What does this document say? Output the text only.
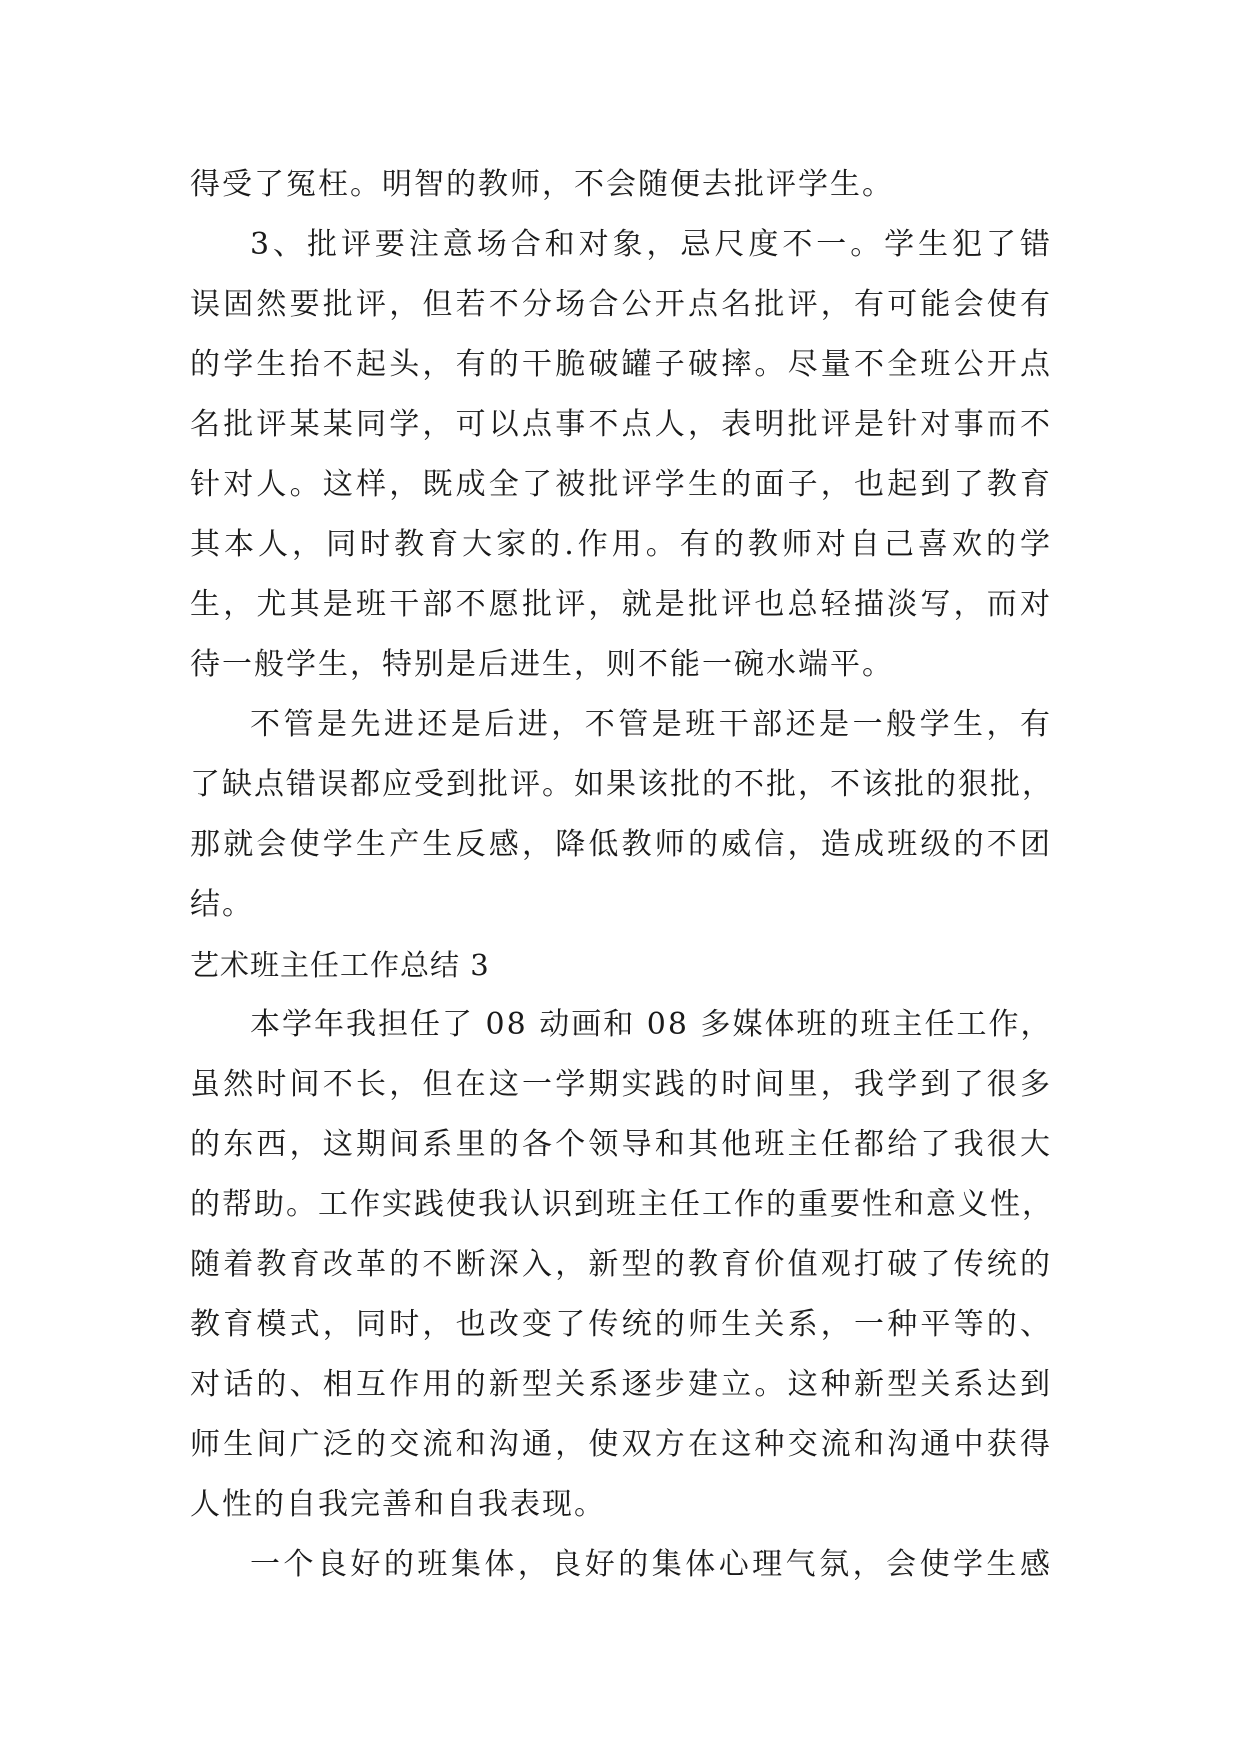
得受了冤枉。明智的教师，不会随便去批评学生。
3、批评要注意场合和对象，忌尺度不一。学生犯了错
误固然要批评，但若不分场合公开点名批评，有可能会使有
的学生抬不起头，有的干脆破罐子破摔。尽量不全班公开点
名批评某某同学，可以点事不点人，表明批评是针对事而不
针对人。这样，既成全了被批评学生的面子，也起到了教育
其本人，同时教育大家的.作用。有的教师对自己喜欢的学
生，尤其是班干部不愿批评，就是批评也总轻描淡写，而对
待一般学生，特别是后进生，则不能一碗水端平。
不管是先进还是后进，不管是班干部还是一般学生，有
了缺点错误都应受到批评。如果该批的不批，不该批的狠批，
那就会使学生产生反感，降低教师的威信，造成班级的不团
结。
艺术班主任工作总结 3
本学年我担任了 08 动画和 08 多媒体班的班主任工作，
虽然时间不长，但在这一学期实践的时间里，我学到了很多
的东西，这期间系里的各个领导和其他班主任都给了我很大
的帮助。工作实践使我认识到班主任工作的重要性和意义性，
随着教育改革的不断深入，新型的教育价值观打破了传统的
教育模式，同时，也改变了传统的师生关系，一种平等的、
对话的、相互作用的新型关系逐步建立。这种新型关系达到
师生间广泛的交流和沟通，使双方在这种交流和沟通中获得
人性的自我完善和自我表现。
一个良好的班集体，良好的集体心理气氛，会使学生感
